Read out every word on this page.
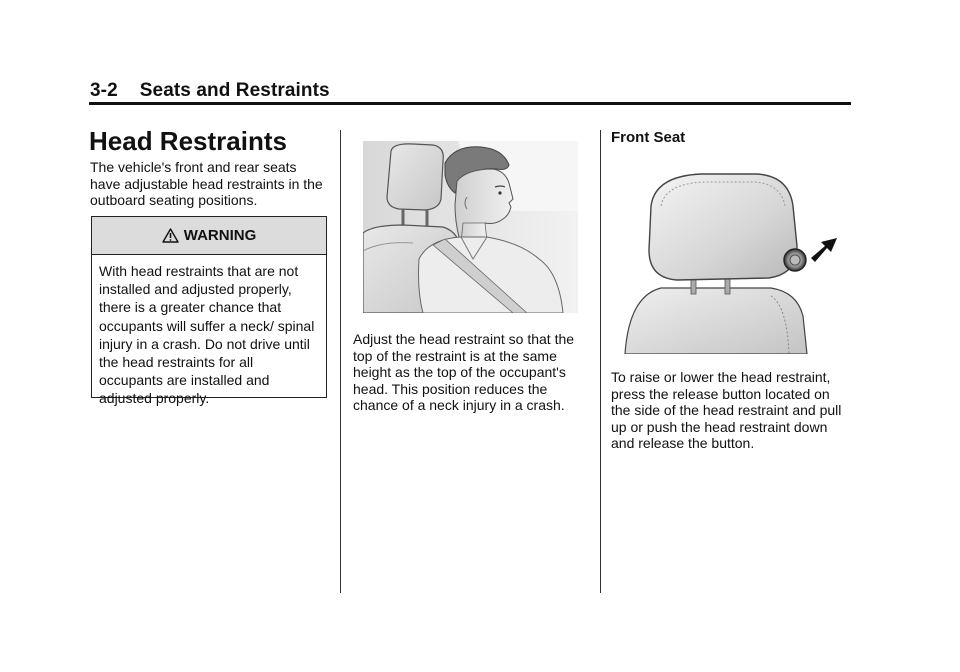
3-2 Seats and Restraints
Head Restraints

The vehicle's front and rear seats have adjustable head restraints in the outboard seating positions.

WARNING

With head restraints that are not installed and adjusted properly, there is a greater chance that occupants will suffer a neck/ spinal injury in a crash. Do not drive until the head restraints for all occupants are installed and adjusted properly.

Adjust the head restraint so that the top of the restraint is at the same height as the top of the occupant's head. This position reduces the chance of a neck injury in a crash.

Front Seat

To raise or lower the head restraint, press the release button located on the side of the head restraint and pull up or push the head restraint down and release the button.
